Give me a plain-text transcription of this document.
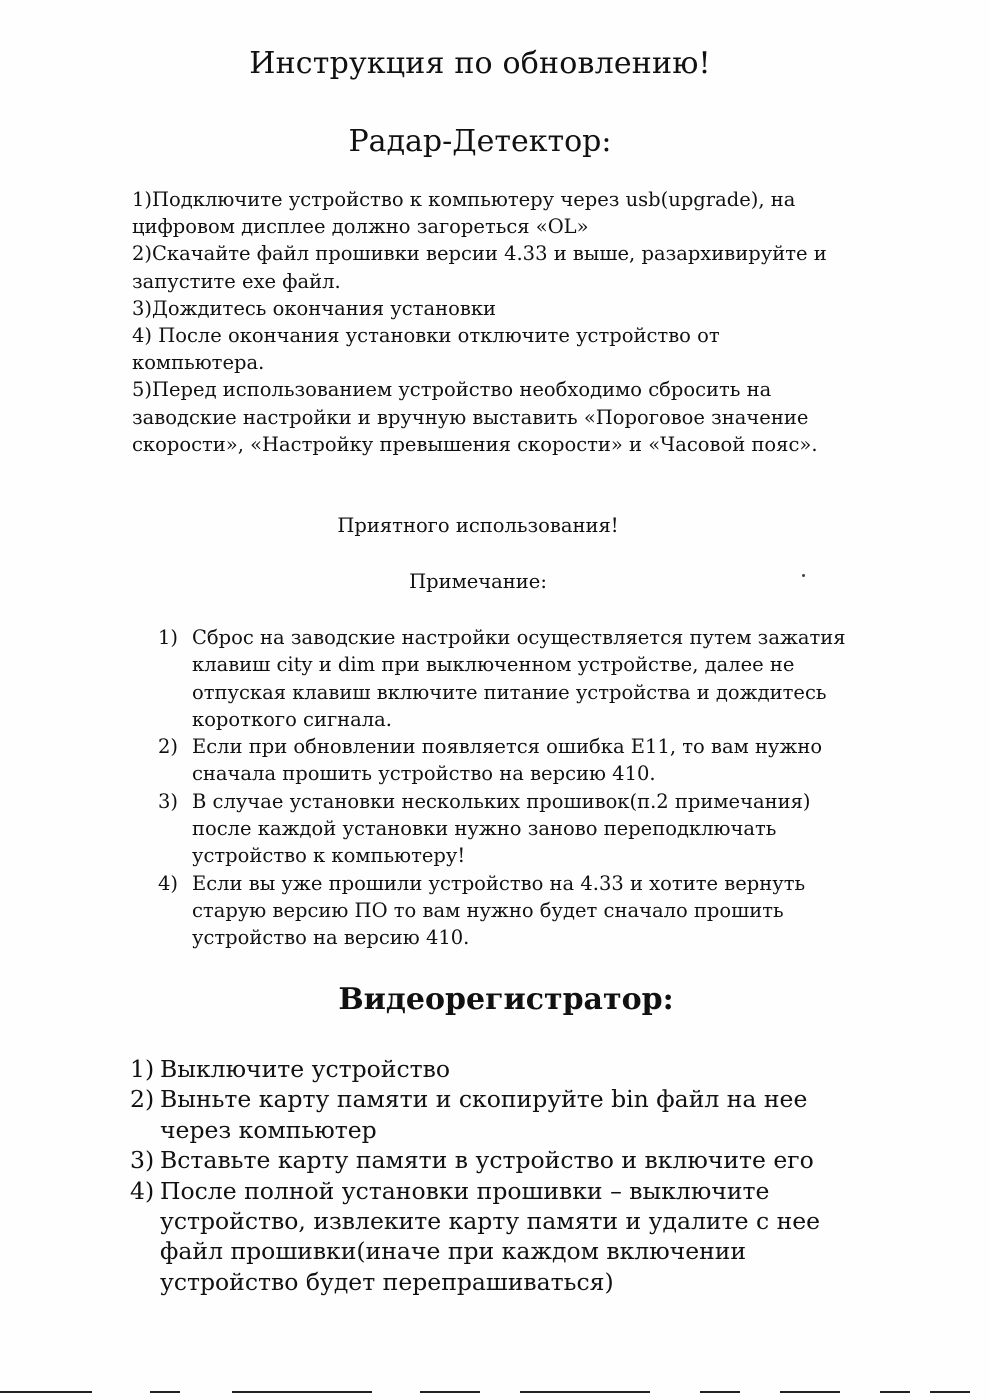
Инструкция по обновлению!
Радар-Детектор:

1)Подключите устройство к компьютеру через usb(upgrade), на цифровом дисплее должно загореться «OL»

2)Скачайте файл прошивки версии 4.33 и выше, разархивируйте и запустите exe файл.

3)Дождитесь окончания установки

4) После окончания установки отключите устройство от компьютера.

5)Перед использованием устройство необходимо сбросить на заводские настройки и вручную выставить «Пороговое значение скорости», «Настройку превышения скорости» и «Часовой пояс».

Приятного использования!
Примечание:
1) Сброс на заводские настройки осуществляется путем зажатия клавиш city и dim при выключенном устройстве, далее не отпуская клавиш включите питание устройства и дождитесь короткого сигнала.
2) Если при обновлении появляется ошибка E11, то вам нужно сначала прошить устройство на версию 410.
3) В случае установки нескольких прошивок(п.2 примечания) после каждой установки нужно заново переподключать устройство к компьютеру!
4) Если вы уже прошили устройство на 4.33 и хотите вернуть старую версию ПО то вам нужно будет сначало прошить устройство на версию 410.
Видеорегистратор:
1) Выключите устройство
2) Выньте карту памяти и скопируйте bin файл на нее через компьютер
3) Вставьте карту памяти в устройство и включите его
4) После полной установки прошивки – выключите устройство, извлеките карту памяти и удалите с нее файл прошивки(иначе при каждом включении устройство будет перепрашиваться)
